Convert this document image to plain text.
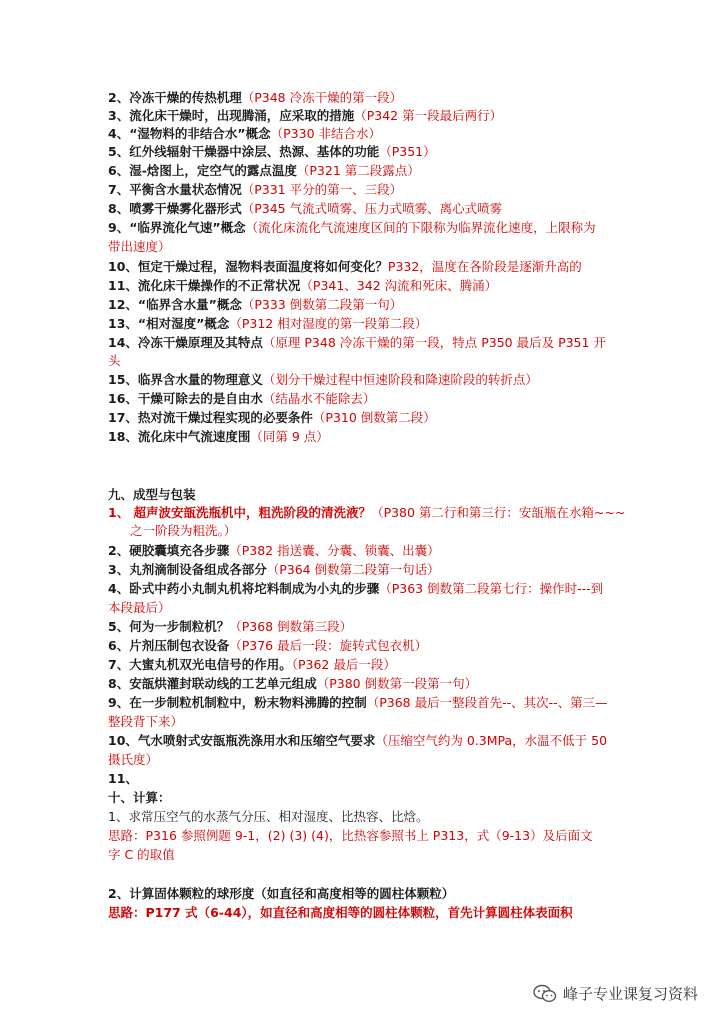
2、冷冻干燥的传热机理（P348 冷冻干燥的第一段）
3、流化床干燥时，出现腾涌，应采取的措施（P342 第一段最后两行）
4、“湿物料的非结合水”概念（P330 非结合水）
5、红外线辐射干燥器中涂层、热源、基体的功能（P351）
6、湿-焓图上，定空气的露点温度（P321 第二段露点）
7、平衡含水量状态情况（P331 平分的第一、三段）
8、喷雾干燥雾化器形式（P345 气流式喷雾、压力式喷雾、离心式喷雾
9、“临界流化气速”概念（流化床流化气流速度区间的下限称为临界流化速度，上限称为
带出速度）
10、恒定干燥过程，湿物料表面温度将如何变化？P332，温度在各阶段是逐渐升高的
11、流化床干燥操作的不正常状况（P341、342 沟流和死床、腾涌）
12、“临界含水量”概念（P333 倒数第二段第一句）
13、“相对湿度”概念（P312 相对湿度的第一段第二段）
14、冷冻干燥原理及其特点（原理 P348 冷冻干燥的第一段，特点 P350 最后及 P351 开
头
15、临界含水量的物理意义（划分干燥过程中恒速阶段和降速阶段的转折点）
16、干燥可除去的是自由水（结晶水不能除去）
17、热对流干燥过程实现的必要条件（P310 倒数第二段）
18、流化床中气流速度围（同第 9 点）
九、成型与包装
1、 超声波安瓿洗瓶机中，粗洗阶段的清洗液？（P380 第二行和第三行：安瓿瓶在水箱~~~
之一阶段为粗洗。）
2、硬胶囊填充各步骤（P382 指送囊、分囊、锁囊、出囊）
3、丸剂滴制设备组成各部分（P364 倒数第二段第一句话）
4、卧式中药小丸制丸机将坨料制成为小丸的步骤（P363 倒数第二段第七行：操作时---到
本段最后）
5、何为一步制粒机？（P368 倒数第三段）
6、片剂压制包衣设备（P376 最后一段：旋转式包衣机）
7、大蜜丸机双光电信号的作用。（P362 最后一段）
8、安瓿烘灌封联动线的工艺单元组成（P380 倒数第一段第一句）
9、在一步制粒机制粒中，粉末物料沸腾的控制（P368 最后一整段首先--、其次--、第三—
整段背下来）
10、气水喷射式安瓿瓶洗涤用水和压缩空气要求（压缩空气约为 0.3MPa，水温不低于 50
摄氏度）
11、
十、计算：
1、求常压空气的水蒸气分压、相对湿度、比热容、比焓。
思路：P316 参照例题 9-1，(2) (3) (4)，比热容参照书上 P313，式（9-13）及后面文
字 C 的取值
2、计算固体颗粒的球形度（如直径和高度相等的圆柱体颗粒）
思路：P177 式（6-44），如直径和高度相等的圆柱体颗粒，首先计算圆柱体表面积
峰子专业课复习资料
